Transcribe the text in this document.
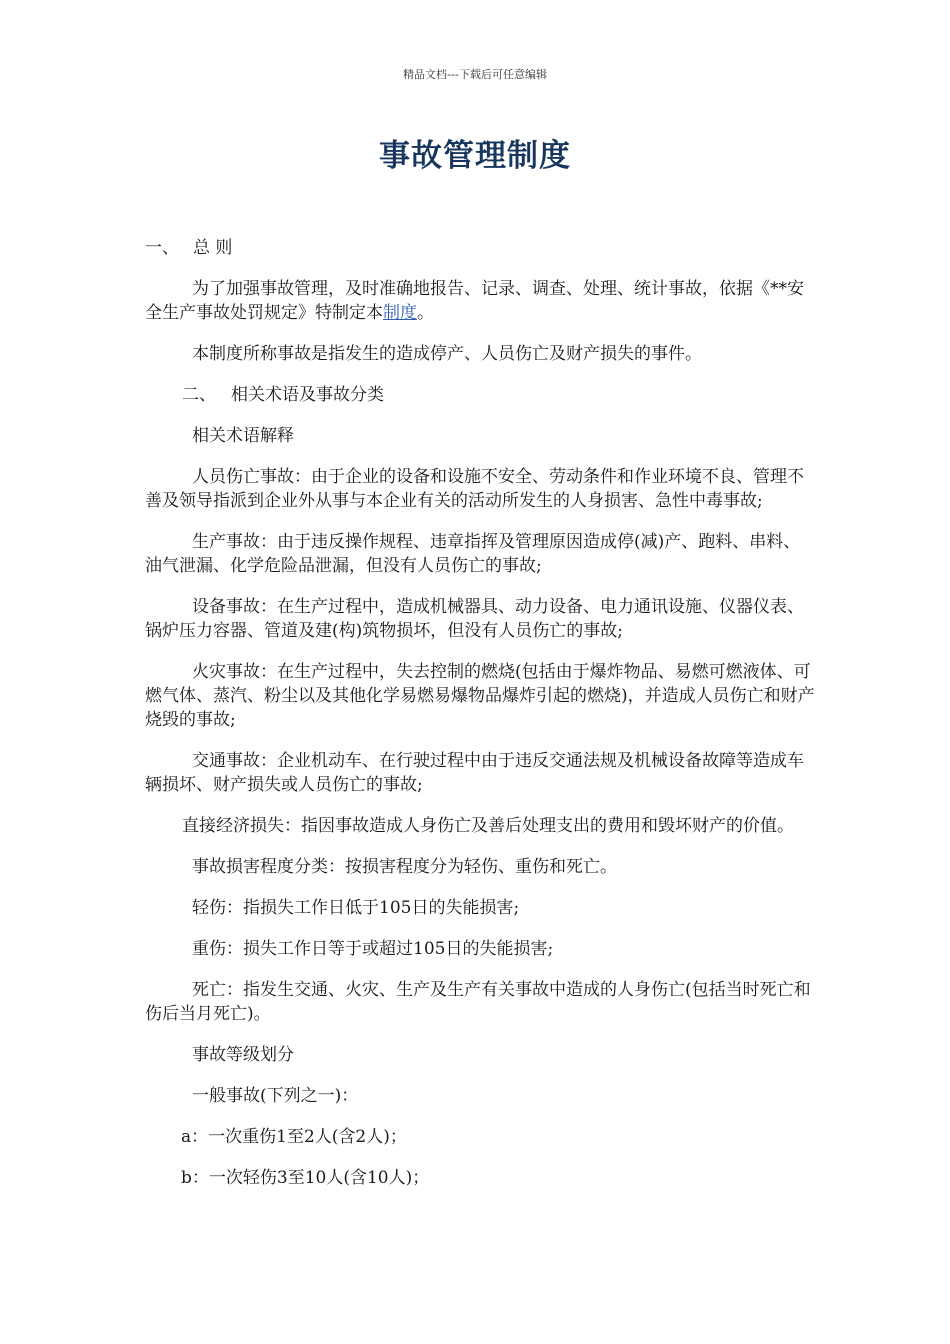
精品文档---下载后可任意编辑
事故管理制度

一、 总 则

为了加强事故管理，及时准确地报告、记录、调查、处理、统计事故，依据《**安全生产事故处罚规定》特制定本制度。

本制度所称事故是指发生的造成停产、人员伤亡及财产损失的事件。

二、 相关术语及事故分类

相关术语解释

人员伤亡事故：由于企业的设备和设施不安全、劳动条件和作业环境不良、管理不善及领导指派到企业外从事与本企业有关的活动所发生的人身损害、急性中毒事故;

生产事故：由于违反操作规程、违章指挥及管理原因造成停(减)产、跑料、串料、油气泄漏、化学危险品泄漏，但没有人员伤亡的事故;

设备事故：在生产过程中，造成机械器具、动力设备、电力通讯设施、仪器仪表、锅炉压力容器、管道及建(构)筑物损坏，但没有人员伤亡的事故;

火灾事故：在生产过程中，失去控制的燃烧(包括由于爆炸物品、易燃可燃液体、可燃气体、蒸汽、粉尘以及其他化学易燃易爆物品爆炸引起的燃烧)，并造成人员伤亡和财产烧毁的事故;

交通事故：企业机动车、在行驶过程中由于违反交通法规及机械设备故障等造成车辆损坏、财产损失或人员伤亡的事故;

直接经济损失：指因事故造成人身伤亡及善后处理支出的费用和毁坏财产的价值。

事故损害程度分类：按损害程度分为轻伤、重伤和死亡。

轻伤：指损失工作日低于105日的失能损害;

重伤：损失工作日等于或超过105日的失能损害;

死亡：指发生交通、火灾、生产及生产有关事故中造成的人身伤亡(包括当时死亡和伤后当月死亡)。

事故等级划分

一般事故(下列之一)：

a：一次重伤1至2人(含2人)；

b：一次轻伤3至10人(含10人)；
